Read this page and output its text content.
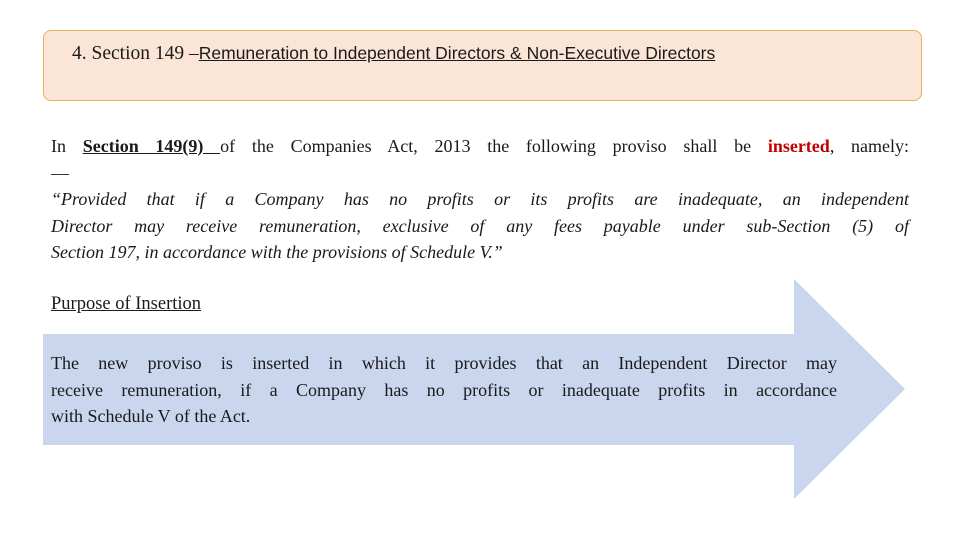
4. Section 149 –Remuneration to Independent Directors & Non-Executive Directors

In Section 149(9) of the Companies Act, 2013 the following proviso shall be inserted, namely:

—

“Provided that if a Company has no profits or its profits are inadequate, an independent

Director may receive remuneration, exclusive of any fees payable under sub-Section (5) of

Section 197, in accordance with the provisions of Schedule V.”

Purpose of Insertion

The new proviso is inserted in which it provides that an Independent Director may

receive remuneration, if a Company has no profits or inadequate profits in accordance

with Schedule V of the Act.
